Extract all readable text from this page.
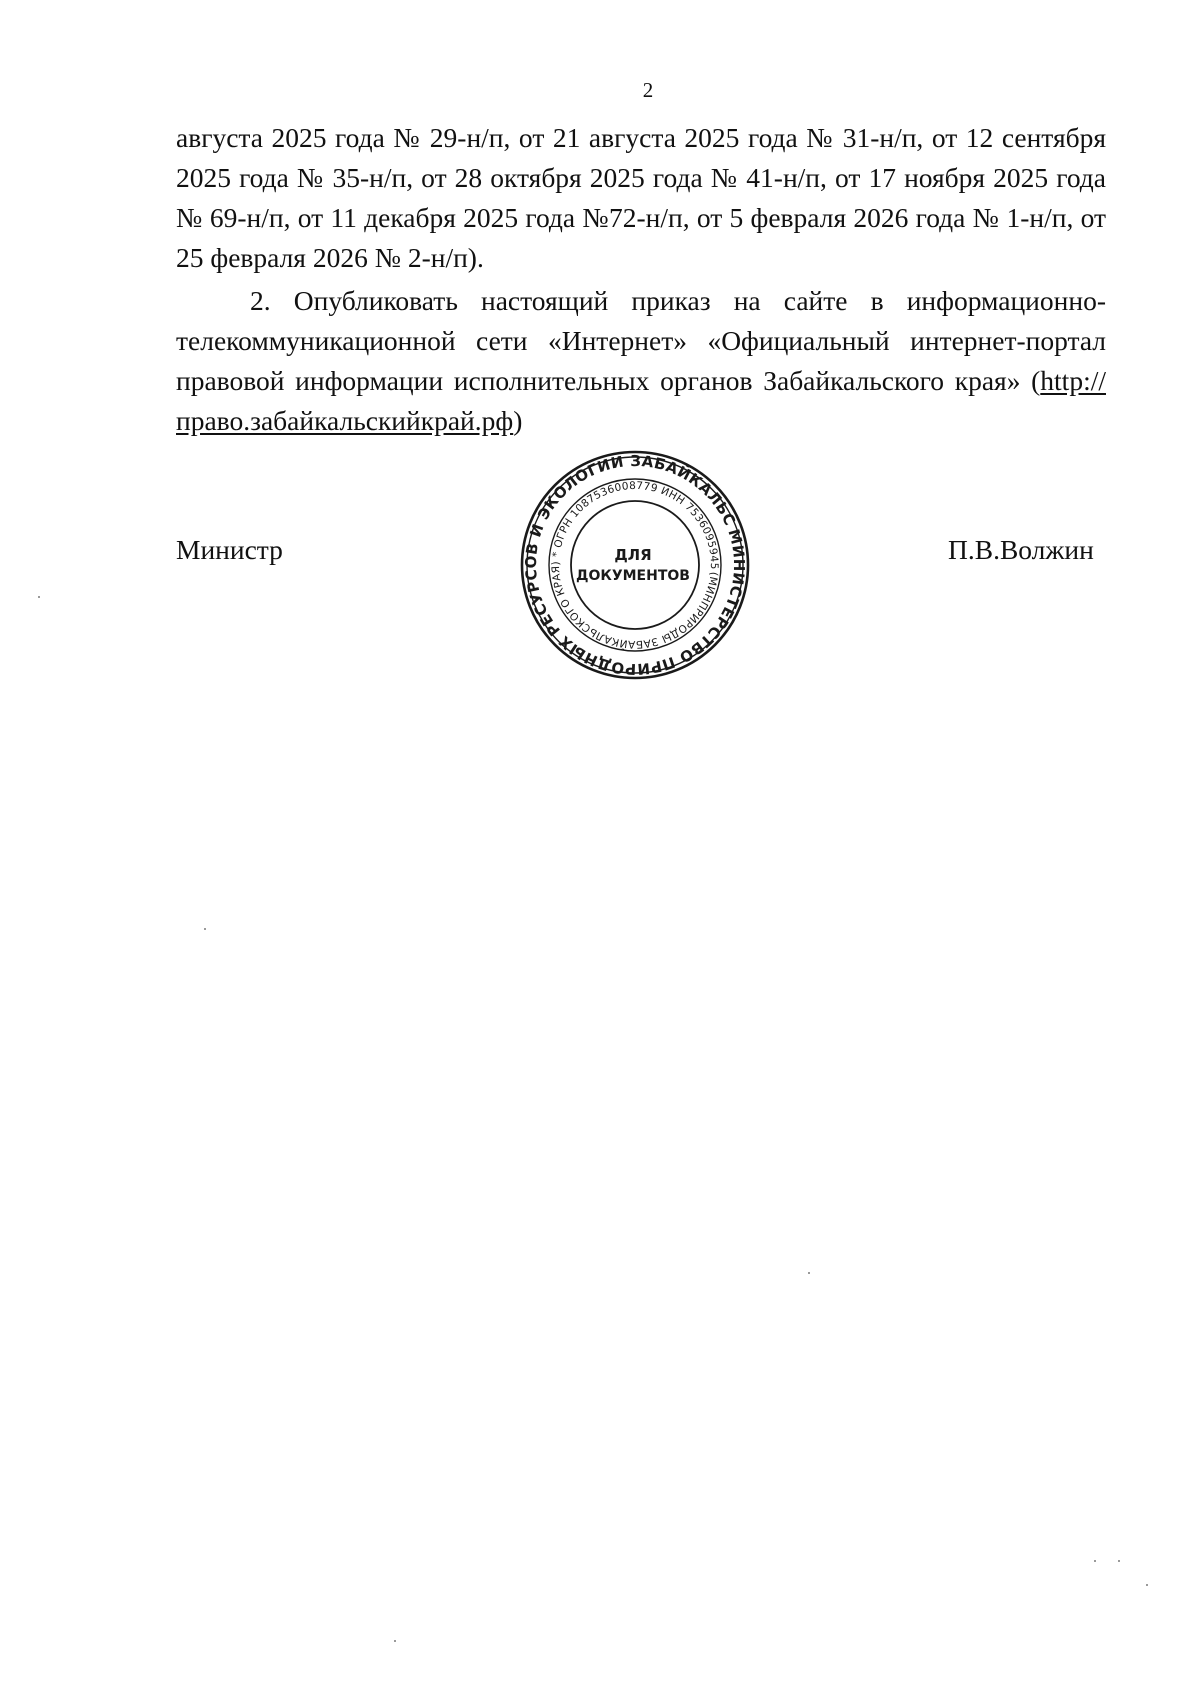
2

августа 2025 года № 29-н/п, от 21 августа 2025 года № 31-н/п, от 12 сентября 2025 года № 35-н/п, от 28 октября 2025 года № 41-н/п, от 17 ноября 2025 года № 69-н/п, от 11 декабря 2025 года №72-н/п, от 5 февраля 2026 года № 1-н/п, от 25 февраля 2026 № 2-н/п).

2. Опубликовать настоящий приказ на сайте в информационно-телекоммуникационной сети «Интернет» «Официальный интернет-портал правовой информации исполнительных органов Забайкальского края» (http://право.забайкальскийкрай.рф)

Министр	МИНИСТЕРСТВО ПРИРОДНЫХ РЕСУРСОВ И ЭКОЛОГИИ ЗАБАЙКАЛЬСКОГО
(МИНПРИРОДЫ ЗАБАЙКАЛЬСКОГО КРАЯ) * ОГРН 1087536008779 ИНН 7536095945
ДЛЯ
ДОКУМЕНТОВ
П.В.Волжин
